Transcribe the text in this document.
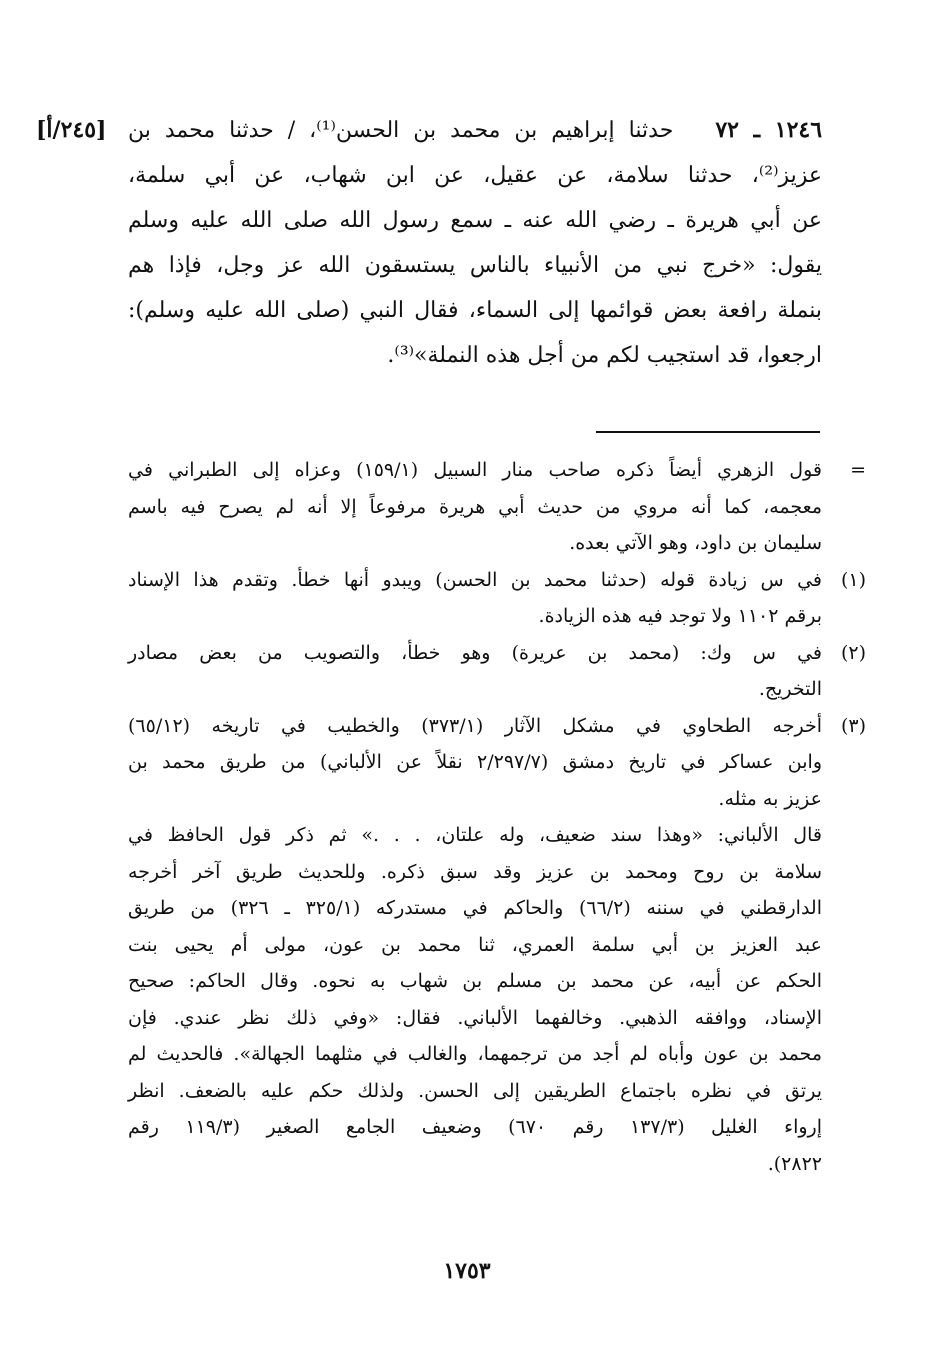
[٢٤٥/أ]	١٢٤٦ ـ ٧٢   حدثنا إبراهيم بن محمد بن الحسن⁽¹⁾، / حدثنا محمد بن
عزيز⁽²⁾، حدثنا سلامة، عن عقيل، عن ابن شهاب، عن أبي سلمة،
عن أبي هريرة ـ رضي الله عنه ـ سمع رسول الله صلى الله عليه وسلم
يقول: «خرج نبي من الأنبياء بالناس يستسقون الله عز وجل، فإذا هم
بنملة رافعة بعض قوائمها إلى السماء، فقال النبي (صلى الله عليه وسلم):
ارجعوا، قد استجيب لكم من أجل هذه النملة»⁽³⁾.
=
قول الزهري أيضاً ذكره صاحب منار السبيل (١٥٩/١) وعزاه إلى الطبراني في
معجمه، كما أنه مروي من حديث أبي هريرة مرفوعاً إلا أنه لم يصرح فيه باسم
سليمان بن داود، وهو الآتي بعده.
(١)
في س زيادة قوله (حدثنا محمد بن الحسن) ويبدو أنها خطأ. وتقدم هذا الإسناد
برقم ١١٠٢ ولا توجد فيه هذه الزيادة.
(٢)
في س وك: (محمد بن عريرة) وهو خطأ، والتصويب من بعض مصادر
التخريج.
(٣)
أخرجه الطحاوي في مشكل الآثار (٣٧٣/١) والخطيب في تاريخه (٦٥/١٢)
وابن عساكر في تاريخ دمشق (٢/٢٩٧/٧ نقلاً عن الألباني) من طريق محمد بن
عزيز به مثله.
قال الألباني: «وهذا سند ضعيف، وله علتان، . . .» ثم ذكر قول الحافظ في
سلامة بن روح ومحمد بن عزيز وقد سبق ذكره. وللحديث طريق آخر أخرجه
الدارقطني في سننه (٦٦/٢) والحاكم في مستدركه (٣٢٥/١ ـ ٣٢٦) من طريق
عبد العزيز بن أبي سلمة العمري، ثنا محمد بن عون، مولى أم يحيى بنت
الحكم عن أبيه، عن محمد بن مسلم بن شهاب به نحوه. وقال الحاكم: صحيح
الإسناد، ووافقه الذهبي. وخالفهما الألباني. فقال: «وفي ذلك نظر عندي. فإن
محمد بن عون وأباه لم أجد من ترجمهما، والغالب في مثلهما الجهالة». فالحديث لم
يرتق في نظره باجتماع الطريقين إلى الحسن. ولذلك حكم عليه بالضعف. انظر
إرواء الغليل (١٣٧/٣ رقم ٦٧٠) وضعيف الجامع الصغير (١١٩/٣ رقم
٢٨٢٢).
١٧٥٣
